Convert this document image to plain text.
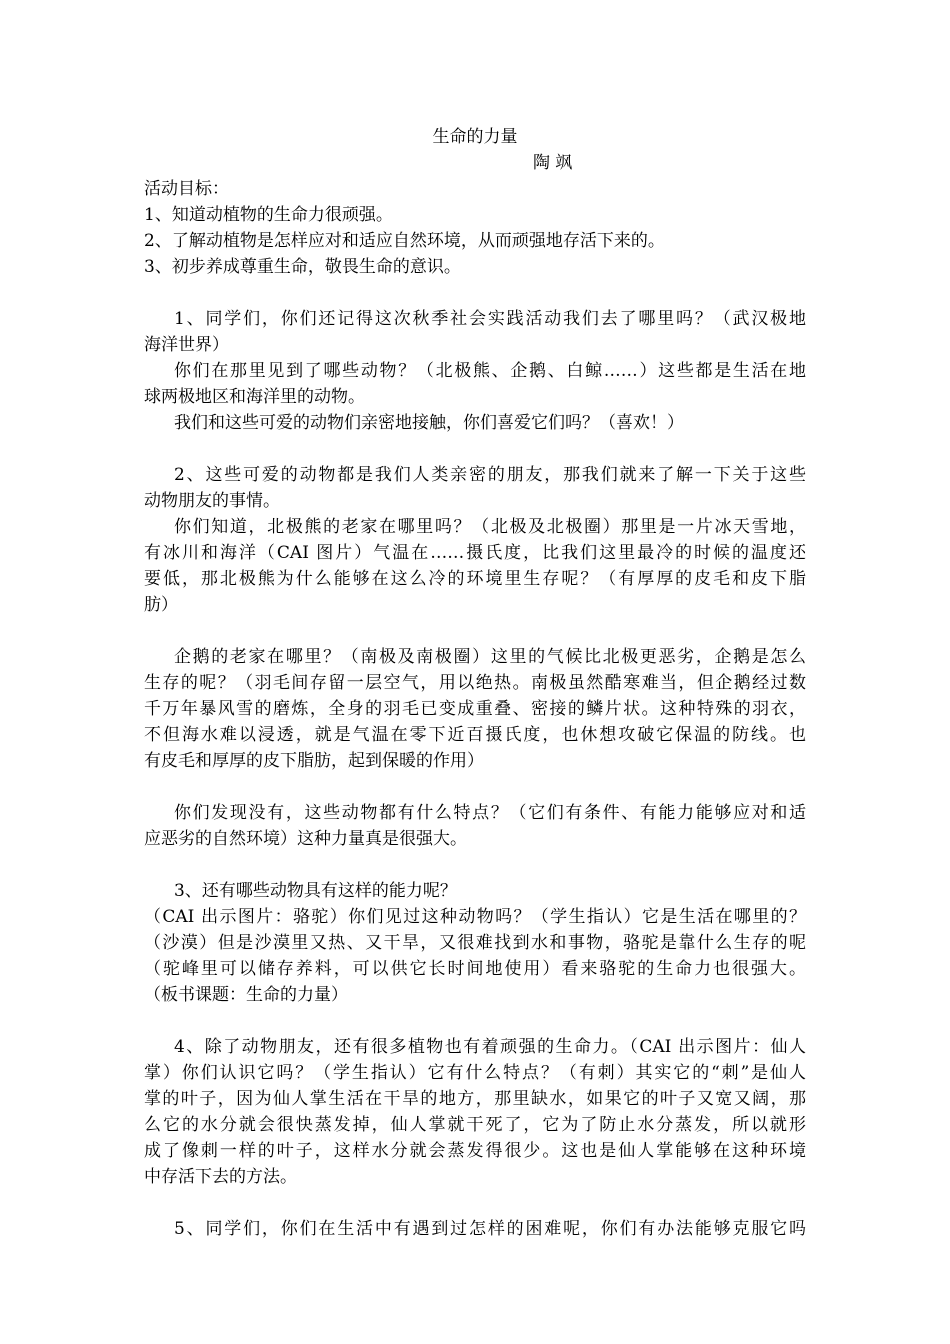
生命的力量
陶 飒
活动目标：
1、知道动植物的生命力很顽强。
2、了解动植物是怎样应对和适应自然环境，从而顽强地存活下来的。
3、初步养成尊重生命，敬畏生命的意识。
1、同学们，你们还记得这次秋季社会实践活动我们去了哪里吗？（武汉极地
海洋世界）
你们在那里见到了哪些动物？（北极熊、企鹅、白鲸……）这些都是生活在地
球两极地区和海洋里的动物。
我们和这些可爱的动物们亲密地接触，你们喜爱它们吗？（喜欢！）
2、这些可爱的动物都是我们人类亲密的朋友，那我们就来了解一下关于这些
动物朋友的事情。
你们知道，北极熊的老家在哪里吗？（北极及北极圈）那里是一片冰天雪地，
有冰川和海洋（CAI 图片）气温在……摄氏度，比我们这里最冷的时候的温度还
要低，那北极熊为什么能够在这么冷的环境里生存呢？（有厚厚的皮毛和皮下脂
肪）
企鹅的老家在哪里？（南极及南极圈）这里的气候比北极更恶劣，企鹅是怎么
生存的呢？（羽毛间存留一层空气，用以绝热。南极虽然酷寒难当，但企鹅经过数
千万年暴风雪的磨炼，全身的羽毛已变成重叠、密接的鳞片状。这种特殊的羽衣，
不但海水难以浸透，就是气温在零下近百摄氏度，也休想攻破它保温的防线。也
有皮毛和厚厚的皮下脂肪，起到保暖的作用）
你们发现没有，这些动物都有什么特点？（它们有条件、有能力能够应对和适
应恶劣的自然环境）这种力量真是很强大。
3、还有哪些动物具有这样的能力呢？
（CAI 出示图片：骆驼）你们见过这种动物吗？（学生指认）它是生活在哪里的？
（沙漠）但是沙漠里又热、又干旱，又很难找到水和事物，骆驼是靠什么生存的呢
（驼峰里可以储存养料，可以供它长时间地使用）看来骆驼的生命力也很强大。
（板书课题：生命的力量）
4、除了动物朋友，还有很多植物也有着顽强的生命力。（CAI 出示图片：仙人
掌）你们认识它吗？（学生指认）它有什么特点？（有刺）其实它的“刺”是仙人
掌的叶子，因为仙人掌生活在干旱的地方，那里缺水，如果它的叶子又宽又阔，那
么它的水分就会很快蒸发掉，仙人掌就干死了，它为了防止水分蒸发，所以就形
成了像刺一样的叶子，这样水分就会蒸发得很少。这也是仙人掌能够在这种环境
中存活下去的方法。
5、同学们，你们在生活中有遇到过怎样的困难呢，你们有办法能够克服它吗
